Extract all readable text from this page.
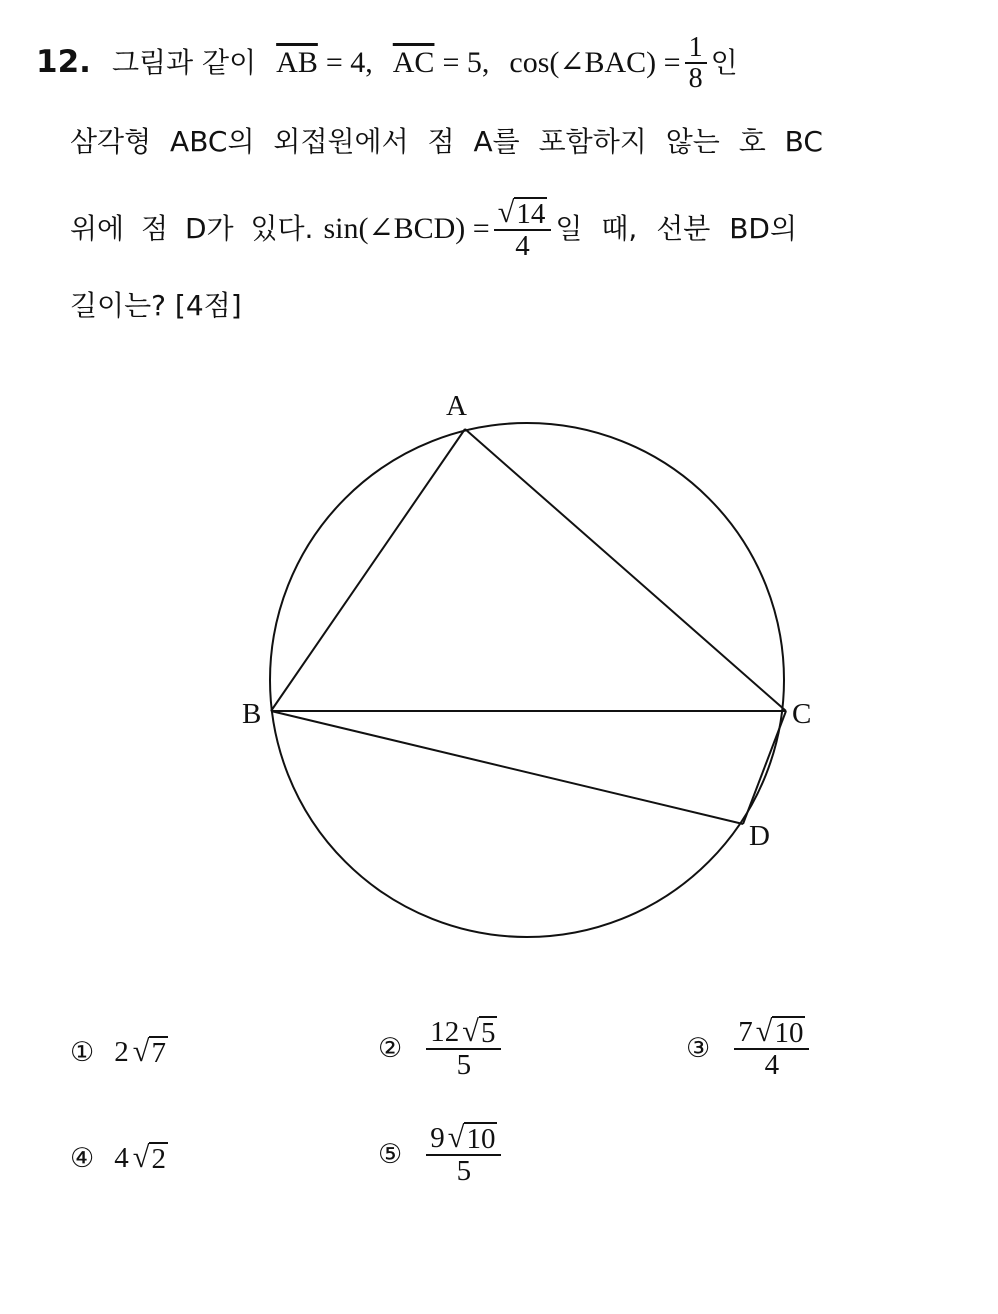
12. 그림과 같이 $\overline{AB} = 4$, $\overline{AC} = 5$, cos(∠BAC) = $\frac{1}{8}$ 인
삼각형 ABC의 외접원에서 점 A를 포함하지 않는 호 BC
위에 점 D가 있다. sin(∠BCD) = $\frac{√ 14}{4}$ 일 때, 선분 BD의
길이는? [4점]
A
B	C
D
① 2 √ 7	② $\frac{12 √ 5}{5}$	③ $\frac{7 √ 10}{4}$
④ 4 √ 2	⑤ $\frac{9 √ 10}{5}$
